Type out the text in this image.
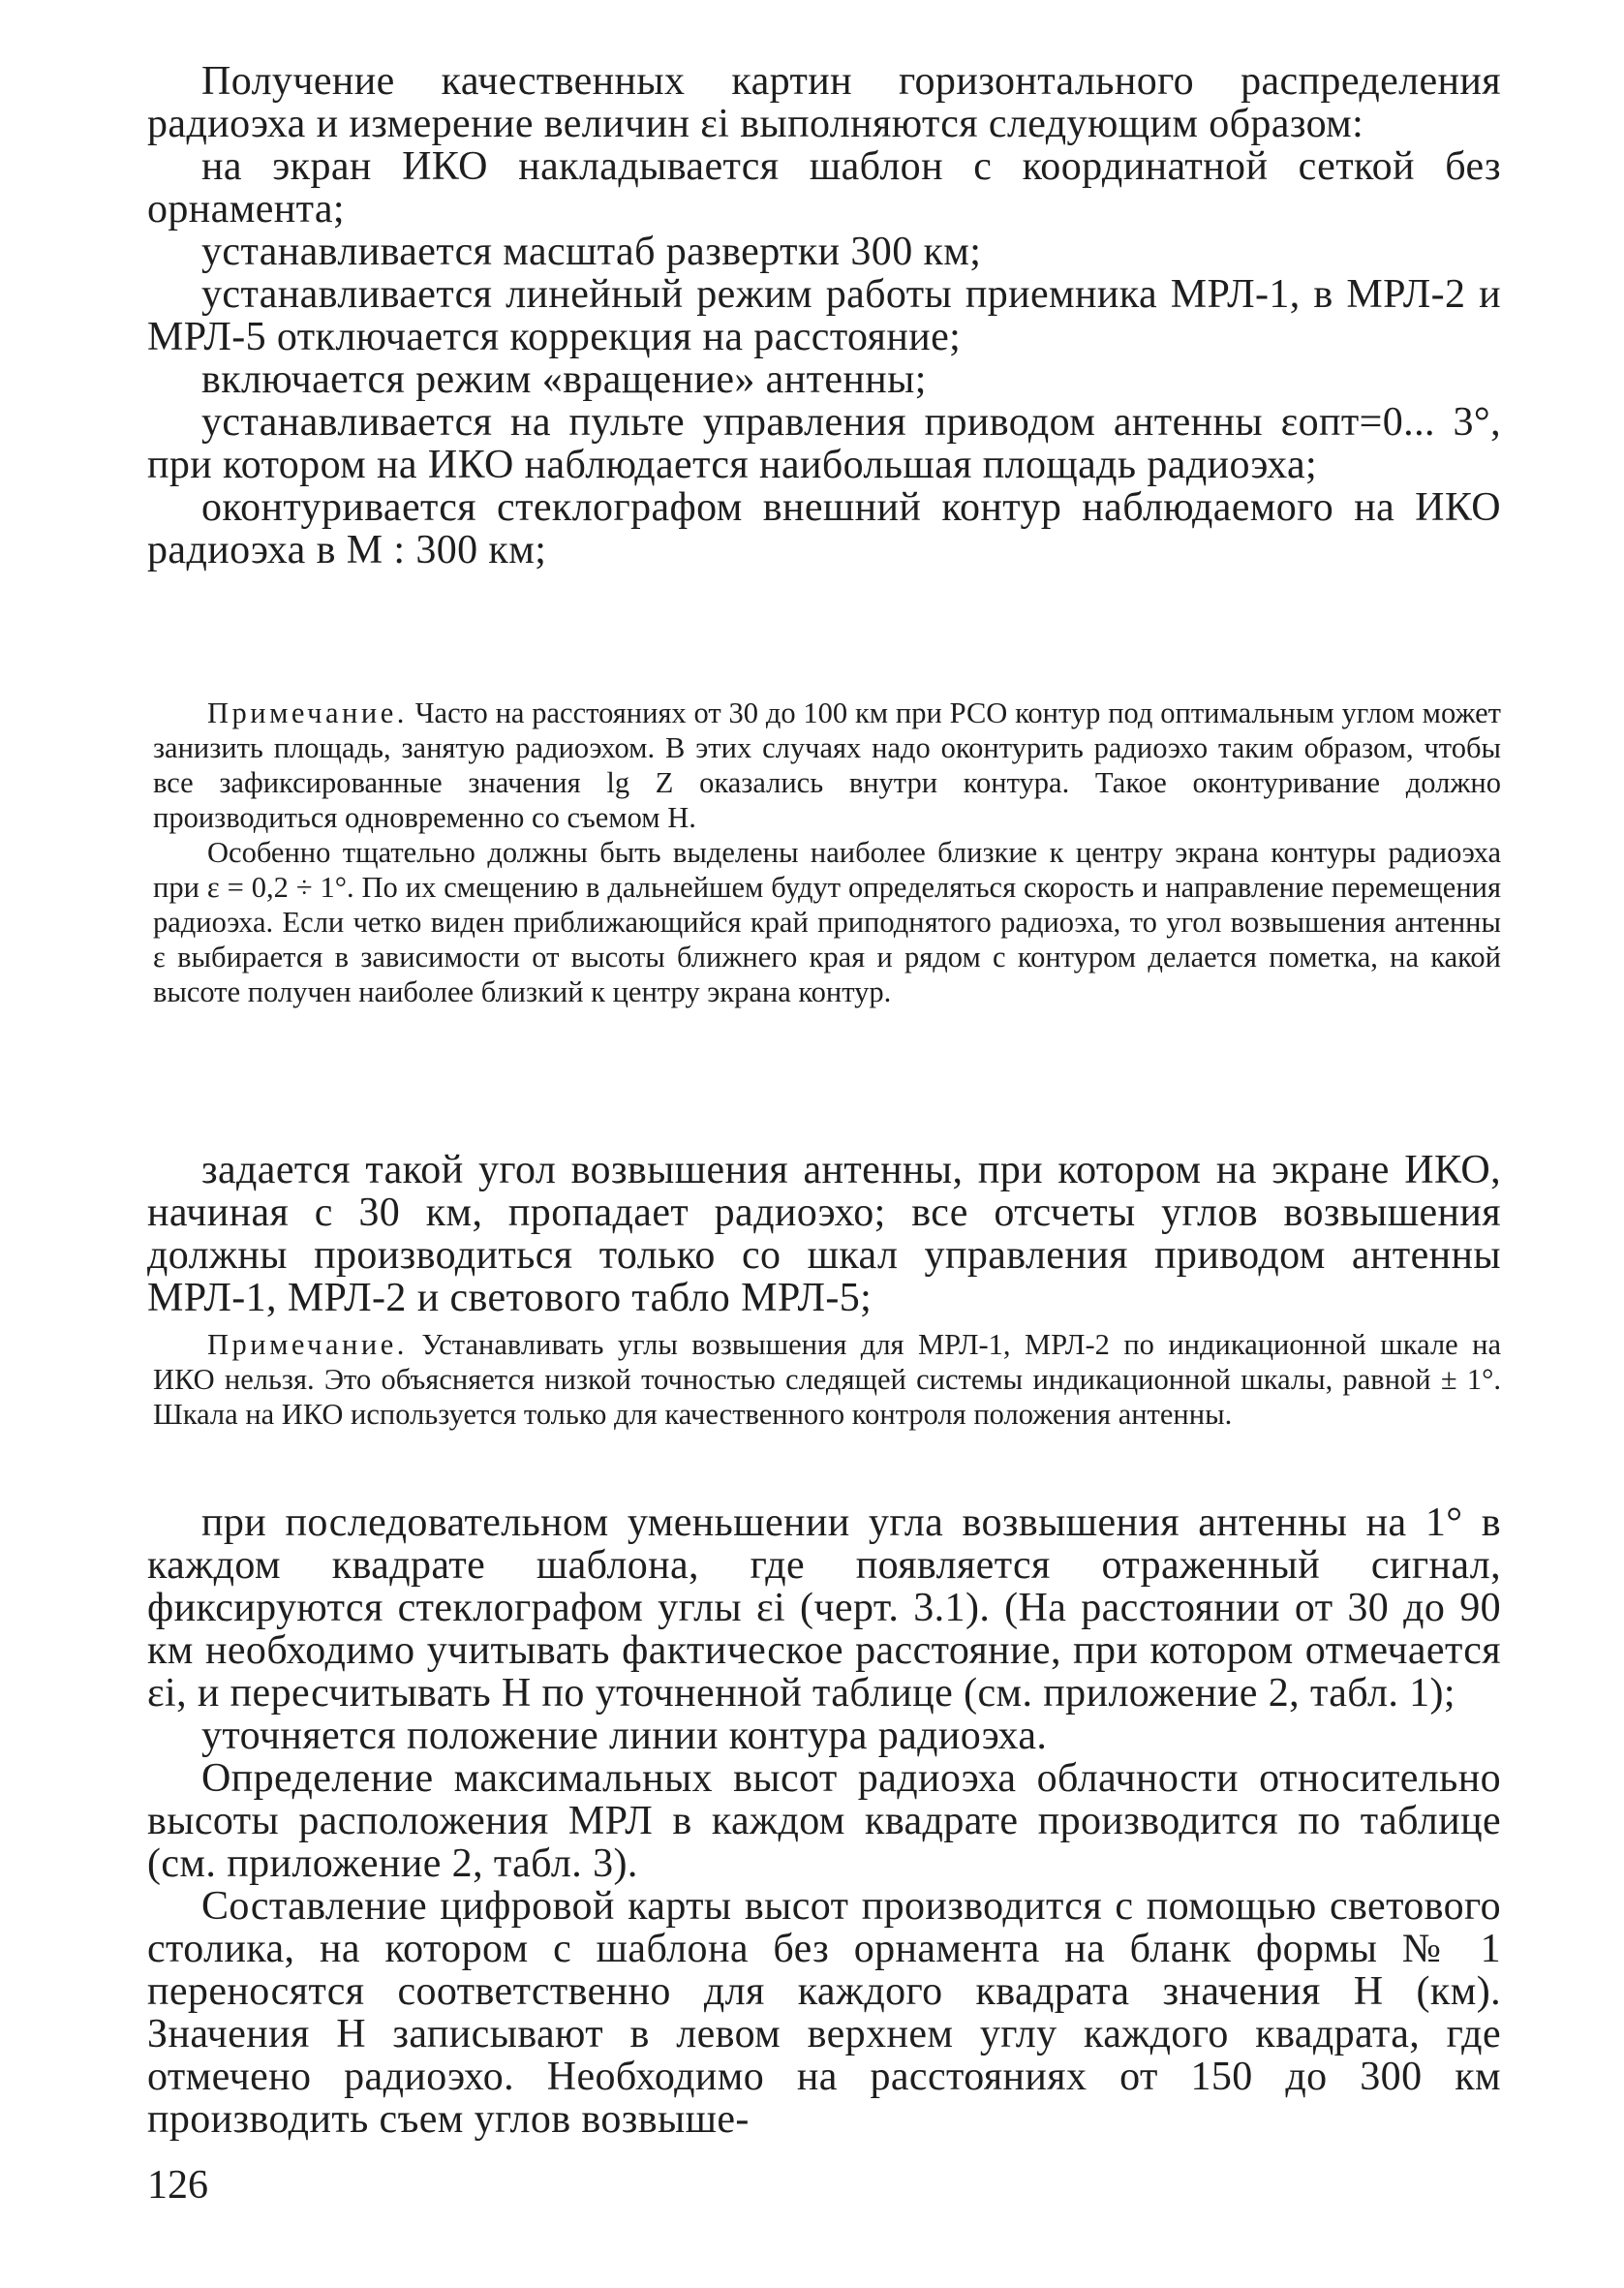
Получение качественных картин горизонтального распределения радиоэха и измерение величин εi выполняются следующим образом:

на экран ИКО накладывается шаблон с координатной сеткой без орнамента;

устанавливается масштаб развертки 300 км;

устанавливается линейный режим работы приемника МРЛ-1, в МРЛ-2 и МРЛ-5 отключается коррекция на расстояние;

включается режим «вращение» антенны;

устанавливается на пульте управления приводом антенны εопт=0... 3°, при котором на ИКО наблюдается наибольшая площадь радиоэха;

оконтуривается стеклографом внешний контур наблюдаемого на ИКО радиоэха в М : 300 км;

Примечание. Часто на расстояниях от 30 до 100 км при РСО контур под оптимальным углом может занизить площадь, занятую радиоэхом. В этих случаях надо оконтурить радиоэхо таким образом, чтобы все зафиксированные значения lg Z оказались внутри контура. Такое оконтуривание должно производиться одновременно со съемом Н.

Особенно тщательно должны быть выделены наиболее близкие к центру экрана контуры радиоэха при ε = 0,2 ÷ 1°. По их смещению в дальнейшем будут определяться скорость и направление перемещения радиоэха. Если четко виден приближающийся край приподнятого радиоэха, то угол возвышения антенны ε выбирается в зависимости от высоты ближнего края и рядом с контуром делается пометка, на какой высоте получен наиболее близкий к центру экрана контур.

задается такой угол возвышения антенны, при котором на экране ИКО, начиная с 30 км, пропадает радиоэхо; все отсчеты углов возвышения должны производиться только со шкал управления приводом антенны МРЛ-1, МРЛ-2 и светового табло МРЛ-5;

Примечание. Устанавливать углы возвышения для МРЛ-1, МРЛ-2 по индикационной шкале на ИКО нельзя. Это объясняется низкой точностью следящей системы индикационной шкалы, равной ± 1°. Шкала на ИКО используется только для качественного контроля положения антенны.

при последовательном уменьшении угла возвышения антенны на 1° в каждом квадрате шаблона, где появляется отраженный сигнал, фиксируются стеклографом углы εi (черт. 3.1). (На расстоянии от 30 до 90 км необходимо учитывать фактическое расстояние, при котором отмечается εi, и пересчитывать Н по уточненной таблице (см. приложение 2, табл. 1);

уточняется положение линии контура радиоэха.

Определение максимальных высот радиоэха облачности относительно высоты расположения МРЛ в каждом квадрате производится по таблице (см. приложение 2, табл. 3).

Составление цифровой карты высот производится с помощью светового столика, на котором с шаблона без орнамента на бланк формы № 1 переносятся соответственно для каждого квадрата значения Н (км). Значения Н записывают в левом верхнем углу каждого квадрата, где отмечено радиоэхо. Необходимо на расстояниях от 150 до 300 км производить съем углов возвыше-

126
